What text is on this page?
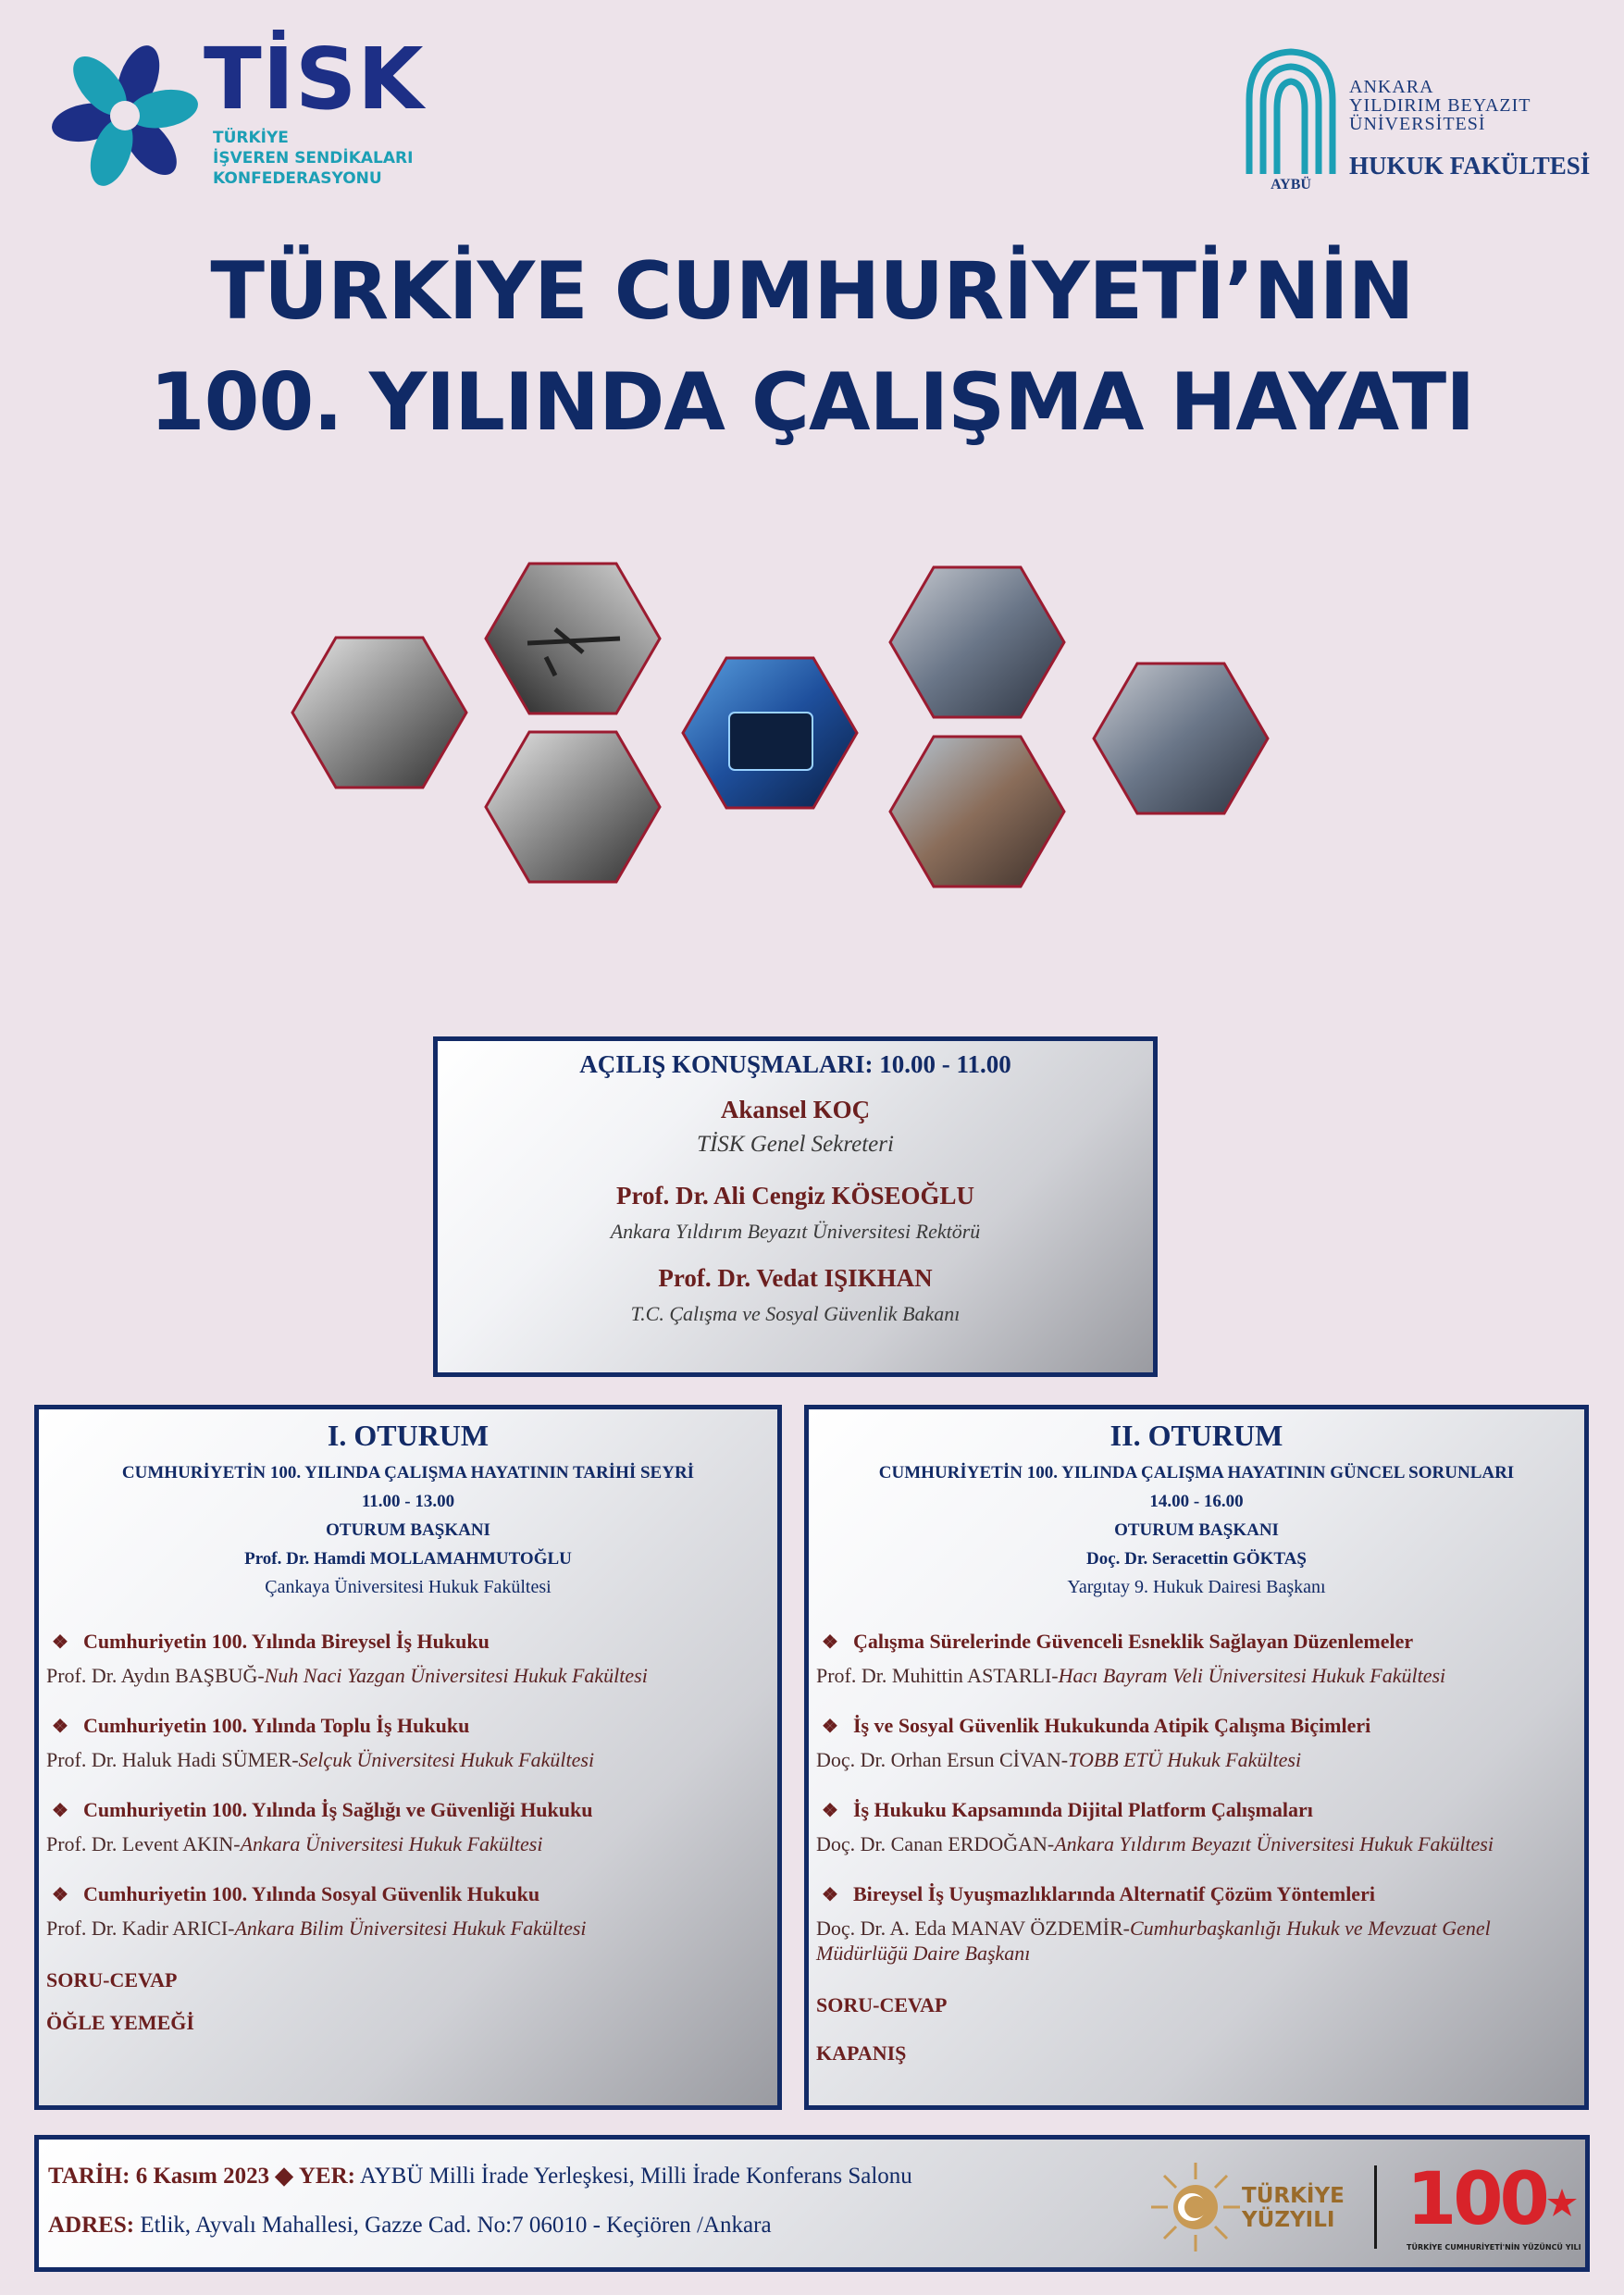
TİSK
TÜRKİYE
İŞVEREN SENDİKALARI
KONFEDERASYONU	AYBÜ
ANKARA
YILDIRIM BEYAZIT
ÜNİVERSİTESİ
HUKUK FAKÜLTESİ
TÜRKİYE CUMHURİYETİ’NİN
100. YILINDA ÇALIŞMA HAYATI
AÇILIŞ KONUŞMALARI: 10.00 - 11.00
Akansel KOÇ
TİSK Genel Sekreteri
Prof. Dr. Ali Cengiz KÖSEOĞLU
Ankara Yıldırım Beyazıt Üniversitesi Rektörü
Prof. Dr. Vedat IŞIKHAN
T.C. Çalışma ve Sosyal Güvenlik Bakanı
I. OTURUM
CUMHURİYETİN 100. YILINDA ÇALIŞMA HAYATININ TARİHİ SEYRİ
11.00 - 13.00
OTURUM BAŞKANI
Prof. Dr. Hamdi MOLLAMAHMUTOĞLU
Çankaya Üniversitesi Hukuk Fakültesi
❖ Cumhuriyetin 100. Yılında Bireysel İş Hukuku
Prof. Dr. Aydın BAŞBUĞ-Nuh Naci Yazgan Üniversitesi Hukuk Fakültesi
❖ Cumhuriyetin 100. Yılında Toplu İş Hukuku
Prof. Dr. Haluk Hadi SÜMER-Selçuk Üniversitesi Hukuk Fakültesi
❖ Cumhuriyetin 100. Yılında İş Sağlığı ve Güvenliği Hukuku
Prof. Dr. Levent AKIN-Ankara Üniversitesi Hukuk Fakültesi
❖ Cumhuriyetin 100. Yılında Sosyal Güvenlik Hukuku
Prof. Dr. Kadir ARICI-Ankara Bilim Üniversitesi Hukuk Fakültesi
SORU-CEVAP
ÖĞLE YEMEĞİ
II. OTURUM
CUMHURİYETİN 100. YILINDA ÇALIŞMA HAYATININ GÜNCEL SORUNLARI
14.00 - 16.00
OTURUM BAŞKANI
Doç. Dr. Seracettin GÖKTAŞ
Yargıtay 9. Hukuk Dairesi Başkanı
❖ Çalışma Sürelerinde Güvenceli Esneklik Sağlayan Düzenlemeler
Prof. Dr. Muhittin ASTARLI-Hacı Bayram Veli Üniversitesi Hukuk Fakültesi
❖ İş ve Sosyal Güvenlik Hukukunda Atipik Çalışma Biçimleri
Doç. Dr. Orhan Ersun CİVAN-TOBB ETÜ Hukuk Fakültesi
❖ İş Hukuku Kapsamında Dijital Platform Çalışmaları
Doç. Dr. Canan ERDOĞAN-Ankara Yıldırım Beyazıt Üniversitesi Hukuk Fakültesi
❖ Bireysel İş Uyuşmazlıklarında Alternatif Çözüm Yöntemleri
Doç. Dr. A. Eda MANAV ÖZDEMİR-Cumhurbaşkanlığı Hukuk ve Mevzuat Genel Müdürlüğü Daire Başkanı
SORU-CEVAP
KAPANIŞ
TARİH: 6 Kasım 2023 ◆ YER: AYBÜ Milli İrade Yerleşkesi, Milli İrade Konferans Salonu
ADRES: Etlik, Ayvalı Mahallesi, Gazze Cad. No:7 06010 - Keçiören /Ankara
TÜRKİYE
YÜZYILI 100
TÜRKİYE CUMHURİYETİ'NİN YÜZÜNCÜ YILI
